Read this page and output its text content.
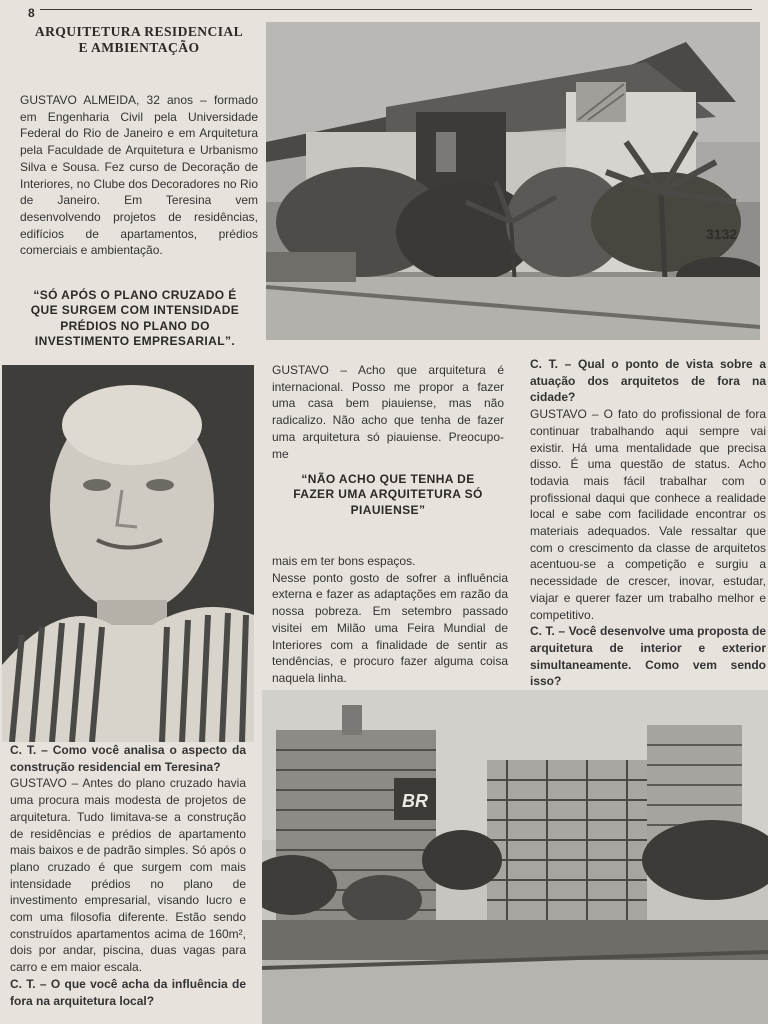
8
ARQUITETURA RESIDENCIAL
E AMBIENTAÇÃO

GUSTAVO ALMEIDA, 32 anos – formado em Engenharia Civil pela Universidade Federal do Rio de Janeiro e em Arquitetura pela Faculdade de Arquitetura e Urbanismo Silva e Sousa. Fez curso de Decoração de Interiores, no Clube dos Decoradores no Rio de Janeiro. Em Teresina vem desenvolvendo projetos de residências, edifícios de apartamentos, prédios comerciais e ambientação.

“SÓ APÓS O PLANO CRUZADO É QUE SURGEM COM INTENSIDADE PRÉDIOS NO PLANO DO INVESTIMENTO EMPRESARIAL”.
3132

GUSTAVO – Acho que arquitetura é internacional. Posso me propor a fazer uma casa bem piauiense, mas não radicalizo. Não acho que tenha de fazer uma arquitetura só piauiense. Preocupo-me

“NÃO ACHO QUE TENHA DE FAZER UMA ARQUITETURA SÓ PIAUIENSE”

mais em ter bons espaços.

Nesse ponto gosto de sofrer a influência externa e fazer as adaptações em razão da nossa pobreza. Em setembro passado visitei em Milão uma Feira Mundial de Interiores com a finalidade de sentir as tendências, e procuro fazer alguma coisa naquela linha.

C. T. – Qual o ponto de vista sobre a atuação dos arquitetos de fora na cidade?

GUSTAVO – O fato do profissional de fora continuar trabalhando aqui sempre vai existir. Há uma mentalidade que precisa disso. É uma questão de status. Acho todavia mais fácil trabalhar com o profissional daqui que conhece a realidade local e sabe com facilidade encontrar os materiais adequados. Vale ressaltar que com o crescimento da classe de arquitetos acentuou-se a competição e surgiu a necessidade de crescer, inovar, estudar, viajar e querer fazer um trabalho melhor e competitivo.

C. T. – Você desenvolve uma proposta de arquitetura de interior e exterior simultaneamente. Como vem sendo isso?

BR

C. T. – Como você analisa o aspecto da construção residencial em Teresina?

GUSTAVO – Antes do plano cruzado havia uma procura mais modesta de projetos de arquitetura. Tudo limitava-se a construção de residências e prédios de apartamento mais baixos e de padrão simples. Só após o plano cruzado é que surgem com mais intensidade prédios no plano de investimento empresarial, visando lucro e com uma filosofia diferente. Estão sendo construídos apartamentos acima de 160m², dois por andar, piscina, duas vagas para carro e em maior escala.

C. T. – O que você acha da influência de fora na arquitetura local?
